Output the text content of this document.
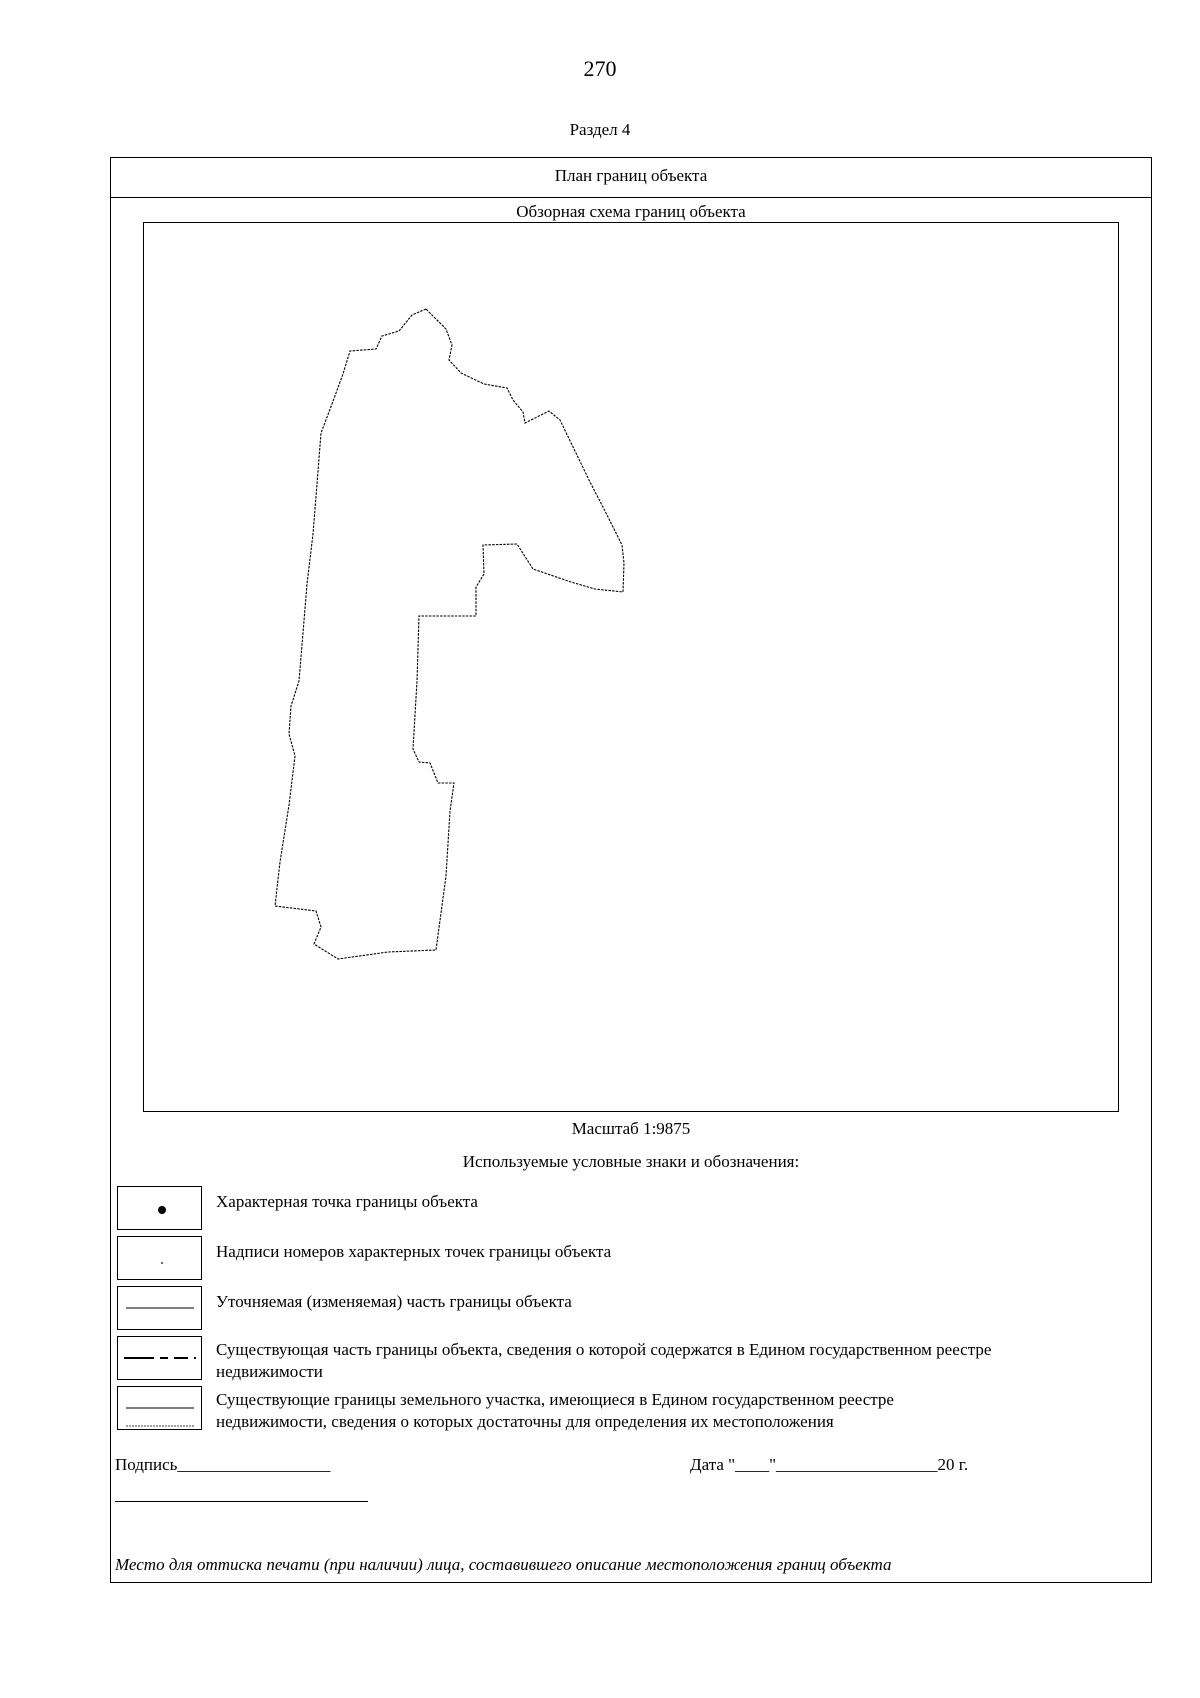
270
Раздел 4
План границ объекта
Обзорная схема границ объекта
Масштаб 1:9875
Используемые условные знаки и обозначения:
Характерная точка границы объекта
Надписи номеров характерных точек границы объекта
Уточняемая (изменяемая) часть границы объекта
Существующая часть границы объекта, сведения о которой содержатся в Едином государственном реестре
недвижимости
Существующие границы земельного участка, имеющиеся в Едином государственном реестре
недвижимости, сведения о которых достаточны для определения их местоположения
Подпись__________________	Дата "____"___________________20 г.
Место для оттиска печати (при наличии) лица, составившего описание местоположения границ объекта
